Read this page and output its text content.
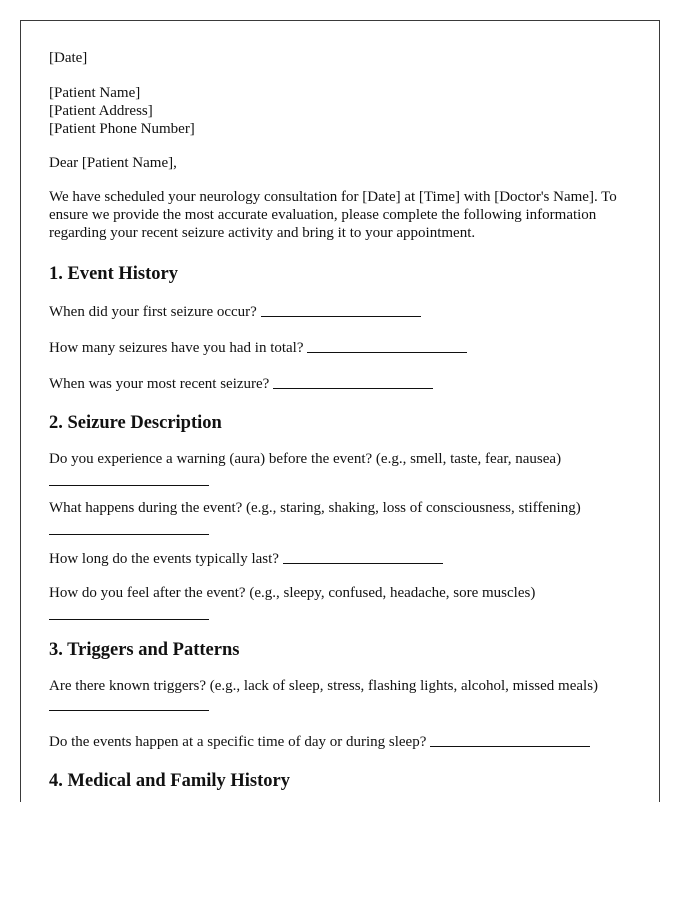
[Date]

[Patient Name]

[Patient Address]

[Patient Phone Number]

Dear [Patient Name],

We have scheduled your neurology consultation for [Date] at [Time] with [Doctor's Name]. To ensure we provide the most accurate evaluation, please complete the following information regarding your recent seizure activity and bring it to your appointment.

1. Event History

When did your first seizure occur?

How many seizures have you had in total?

When was your most recent seizure?

2. Seizure Description

Do you experience a warning (aura) before the event? (e.g., smell, taste, fear, nausea)

What happens during the event? (e.g., staring, shaking, loss of consciousness, stiffening)

How long do the events typically last?

How do you feel after the event? (e.g., sleepy, confused, headache, sore muscles)

3. Triggers and Patterns

Are there known triggers? (e.g., lack of sleep, stress, flashing lights, alcohol, missed meals)

Do the events happen at a specific time of day or during sleep?

4. Medical and Family History
